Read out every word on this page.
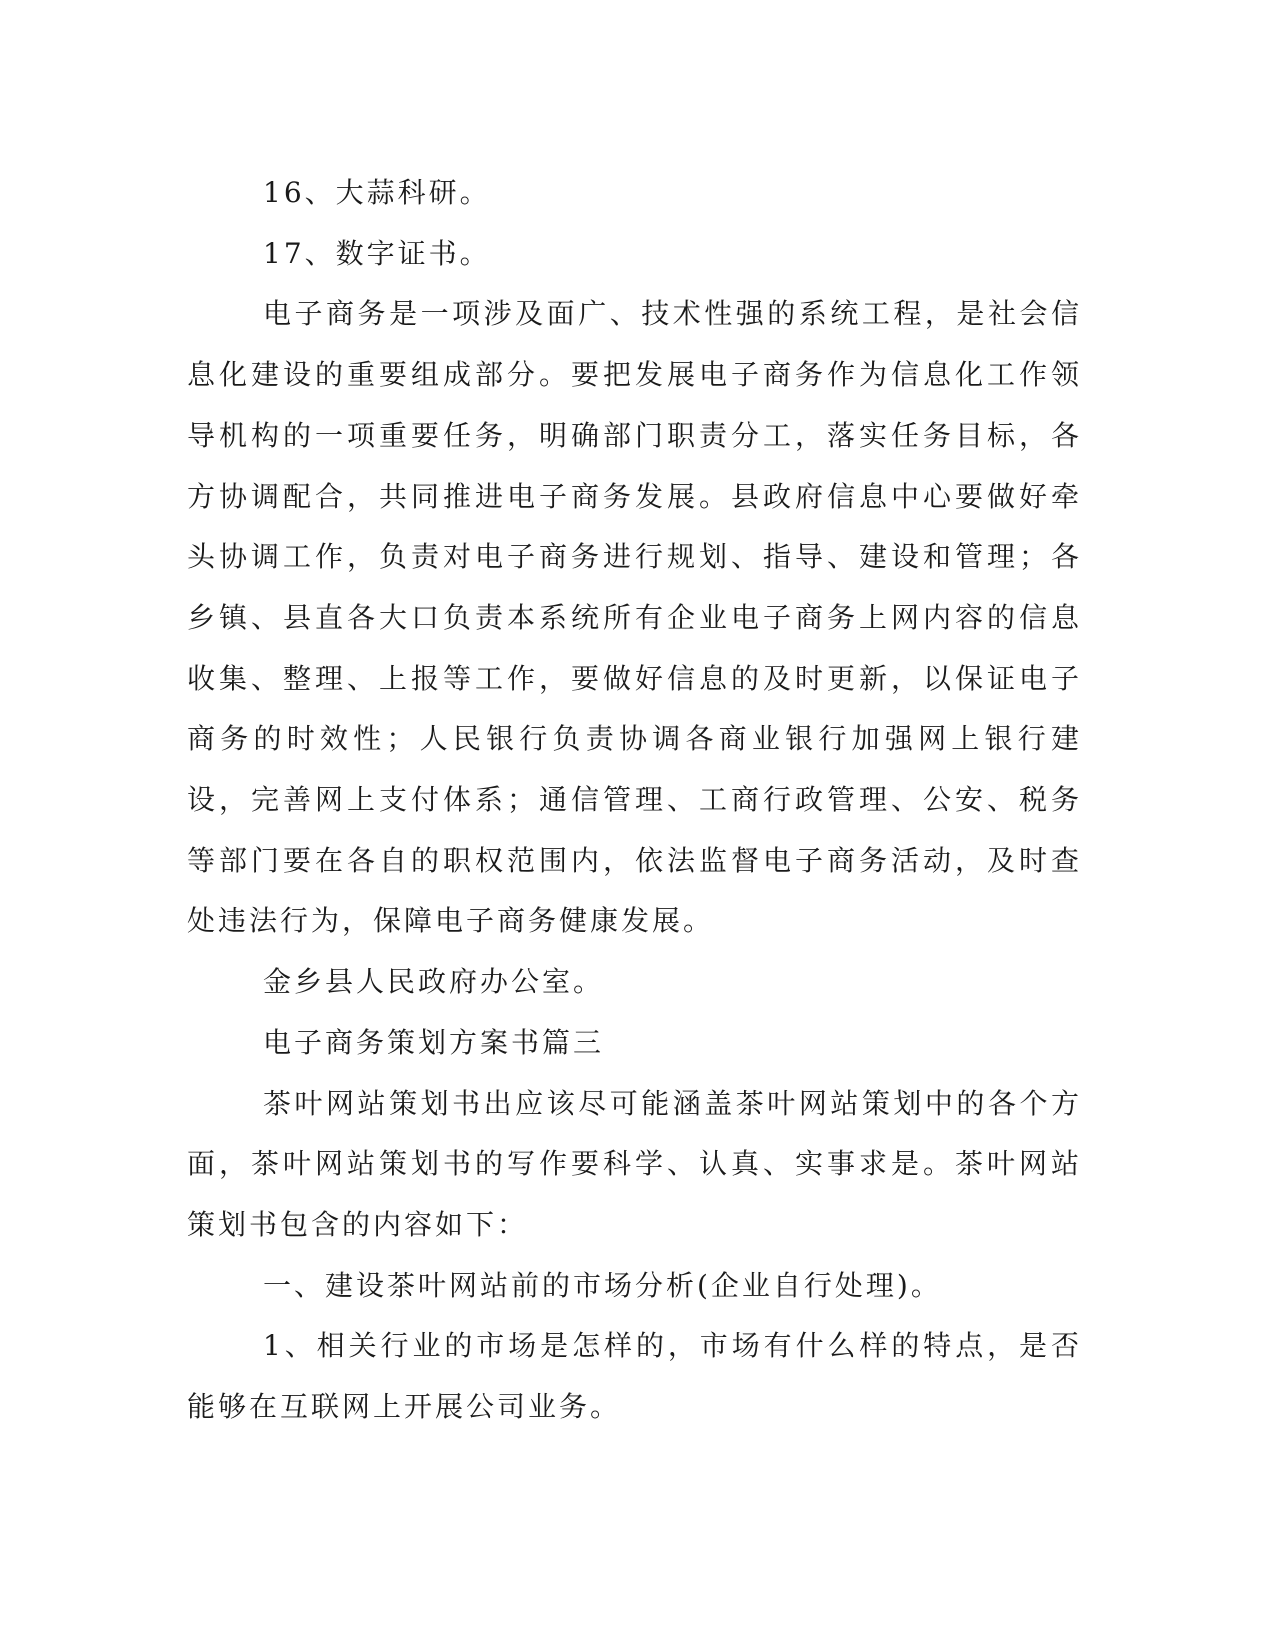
16、大蒜科研。

17、数字证书。

电子商务是一项涉及面广、技术性强的系统工程，是社会信息化建设的重要组成部分。要把发展电子商务作为信息化工作领导机构的一项重要任务，明确部门职责分工，落实任务目标，各方协调配合，共同推进电子商务发展。县政府信息中心要做好牵头协调工作，负责对电子商务进行规划、指导、建设和管理；各乡镇、县直各大口负责本系统所有企业电子商务上网内容的信息收集、整理、上报等工作，要做好信息的及时更新，以保证电子商务的时效性；人民银行负责协调各商业银行加强网上银行建设，完善网上支付体系；通信管理、工商行政管理、公安、税务等部门要在各自的职权范围内，依法监督电子商务活动，及时查处违法行为，保障电子商务健康发展。

金乡县人民政府办公室。

电子商务策划方案书篇三

茶叶网站策划书出应该尽可能涵盖茶叶网站策划中的各个方面，茶叶网站策划书的写作要科学、认真、实事求是。茶叶网站策划书包含的内容如下：

一、建设茶叶网站前的市场分析(企业自行处理)。

1、相关行业的市场是怎样的，市场有什么样的特点，是否能够在互联网上开展公司业务。
